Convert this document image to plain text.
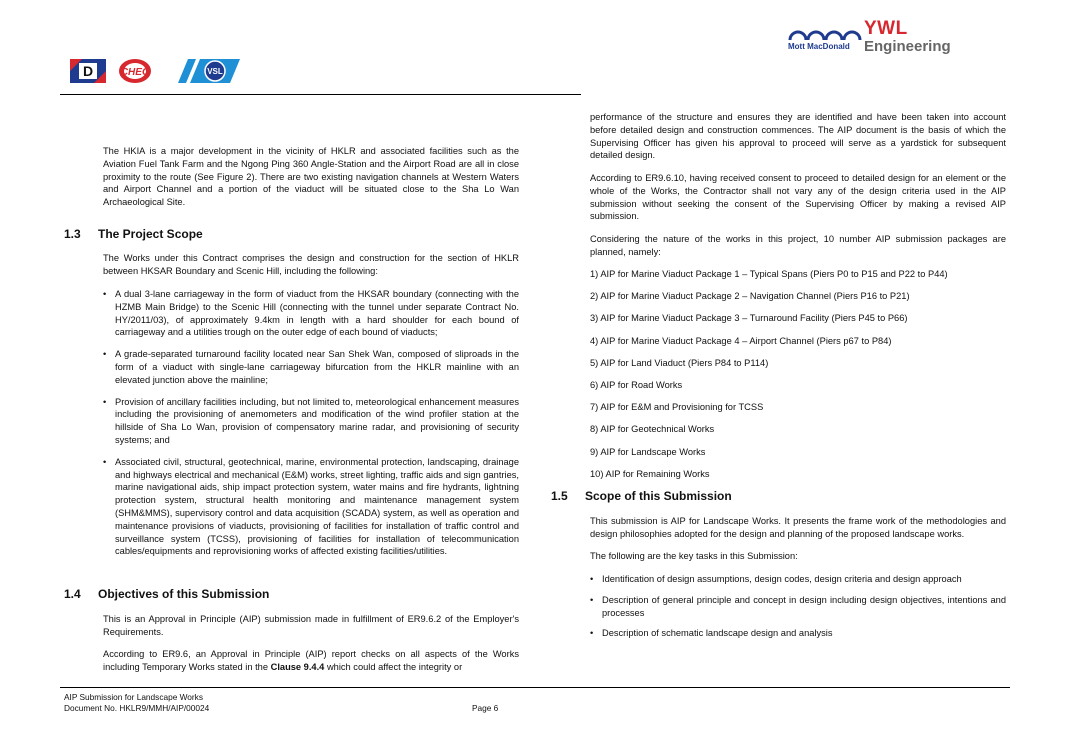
D	CHEC	VSL
YWL
Mott MacDonald Engineering

The HKIA is a major development in the vicinity of HKLR and associated facilities such as the Aviation Fuel Tank Farm and the Ngong Ping 360 Angle-Station and the Airport Road are all in close proximity to the route (See Figure 2). There are two existing navigation channels at Western Waters and Airport Channel and a portion of the viaduct will be situated close to the Sha Lo Wan Archaeological Site.

1.3 The Project Scope

The Works under this Contract comprises the design and construction for the section of HKLR between HKSAR Boundary and Scenic Hill, including the following:

• A dual 3-lane carriageway in the form of viaduct from the HKSAR boundary (connecting with the HZMB Main Bridge) to the Scenic Hill (connecting with the tunnel under separate Contract No. HY/2011/03), of approximately 9.4km in length with a hard shoulder for each bound of carriageway and a utilities trough on the outer edge of each bound of viaducts;
• A grade-separated turnaround facility located near San Shek Wan, composed of sliproads in the form of a viaduct with single-lane carriageway bifurcation from the HKLR mainline with an elevated junction above the mainline;
• Provision of ancillary facilities including, but not limited to, meteorological enhancement measures including the provisioning of anemometers and modification of the wind profiler station at the hillside of Sha Lo Wan, provision of compensatory marine radar, and provisioning of security systems; and
• Associated civil, structural, geotechnical, marine, environmental protection, landscaping, drainage and highways electrical and mechanical (E&M) works, street lighting, traffic aids and sign gantries, marine navigational aids, ship impact protection system, water mains and fire hydrants, lightning protection system, structural health monitoring and maintenance management system (SHM&MMS), supervisory control and data acquisition (SCADA) system, as well as operation and maintenance provisions of viaducts, provisioning of facilities for installation of traffic control and surveillance system (TCSS), provisioning of facilities for installation of telecommunication cables/equipments and reprovisioning works of affected existing facilities/utilities.
1.4 Objectives of this Submission

This is an Approval in Principle (AIP) submission made in fulfillment of ER9.6.2 of the Employer's Requirements.

According to ER9.6, an Approval in Principle (AIP) report checks on all aspects of the Works including Temporary Works stated in the Clause 9.4.4 which could affect the integrity or

performance of the structure and ensures they are identified and have been taken into account before detailed design and construction commences. The AIP document is the basis of which the Supervising Officer has given his approval to proceed will serve as a yardstick for subsequent detailed design.

According to ER9.6.10, having received consent to proceed to detailed design for an element or the whole of the Works, the Contractor shall not vary any of the design criteria used in the AIP submission without seeking the consent of the Supervising Officer by making a revised AIP submission.

Considering the nature of the works in this project, 10 number AIP submission packages are planned, namely:

1) AIP for Marine Viaduct Package 1 – Typical Spans (Piers P0 to P15 and P22 to P44)
2) AIP for Marine Viaduct Package 2 – Navigation Channel (Piers P16 to P21)
3) AIP for Marine Viaduct Package 3 – Turnaround Facility (Piers P45 to P66)
4) AIP for Marine Viaduct Package 4 – Airport Channel (Piers p67 to P84)
5) AIP for Land Viaduct (Piers P84 to P114)
6) AIP for Road Works
7) AIP for E&M and Provisioning for TCSS
8) AIP for Geotechnical Works
9) AIP for Landscape Works
10) AIP for Remaining Works
1.5 Scope of this Submission

This submission is AIP for Landscape Works. It presents the frame work of the methodologies and design philosophies adopted for the design and planning of the proposed landscape works.

The following are the key tasks in this Submission:

• Identification of design assumptions, design codes, design criteria and design approach
• Description of general principle and concept in design including design objectives, intentions and processes
• Description of schematic landscape design and analysis
AIP Submission for Landscape Works
Document No. HKLR9/MMH/AIP/00024	Page 6
